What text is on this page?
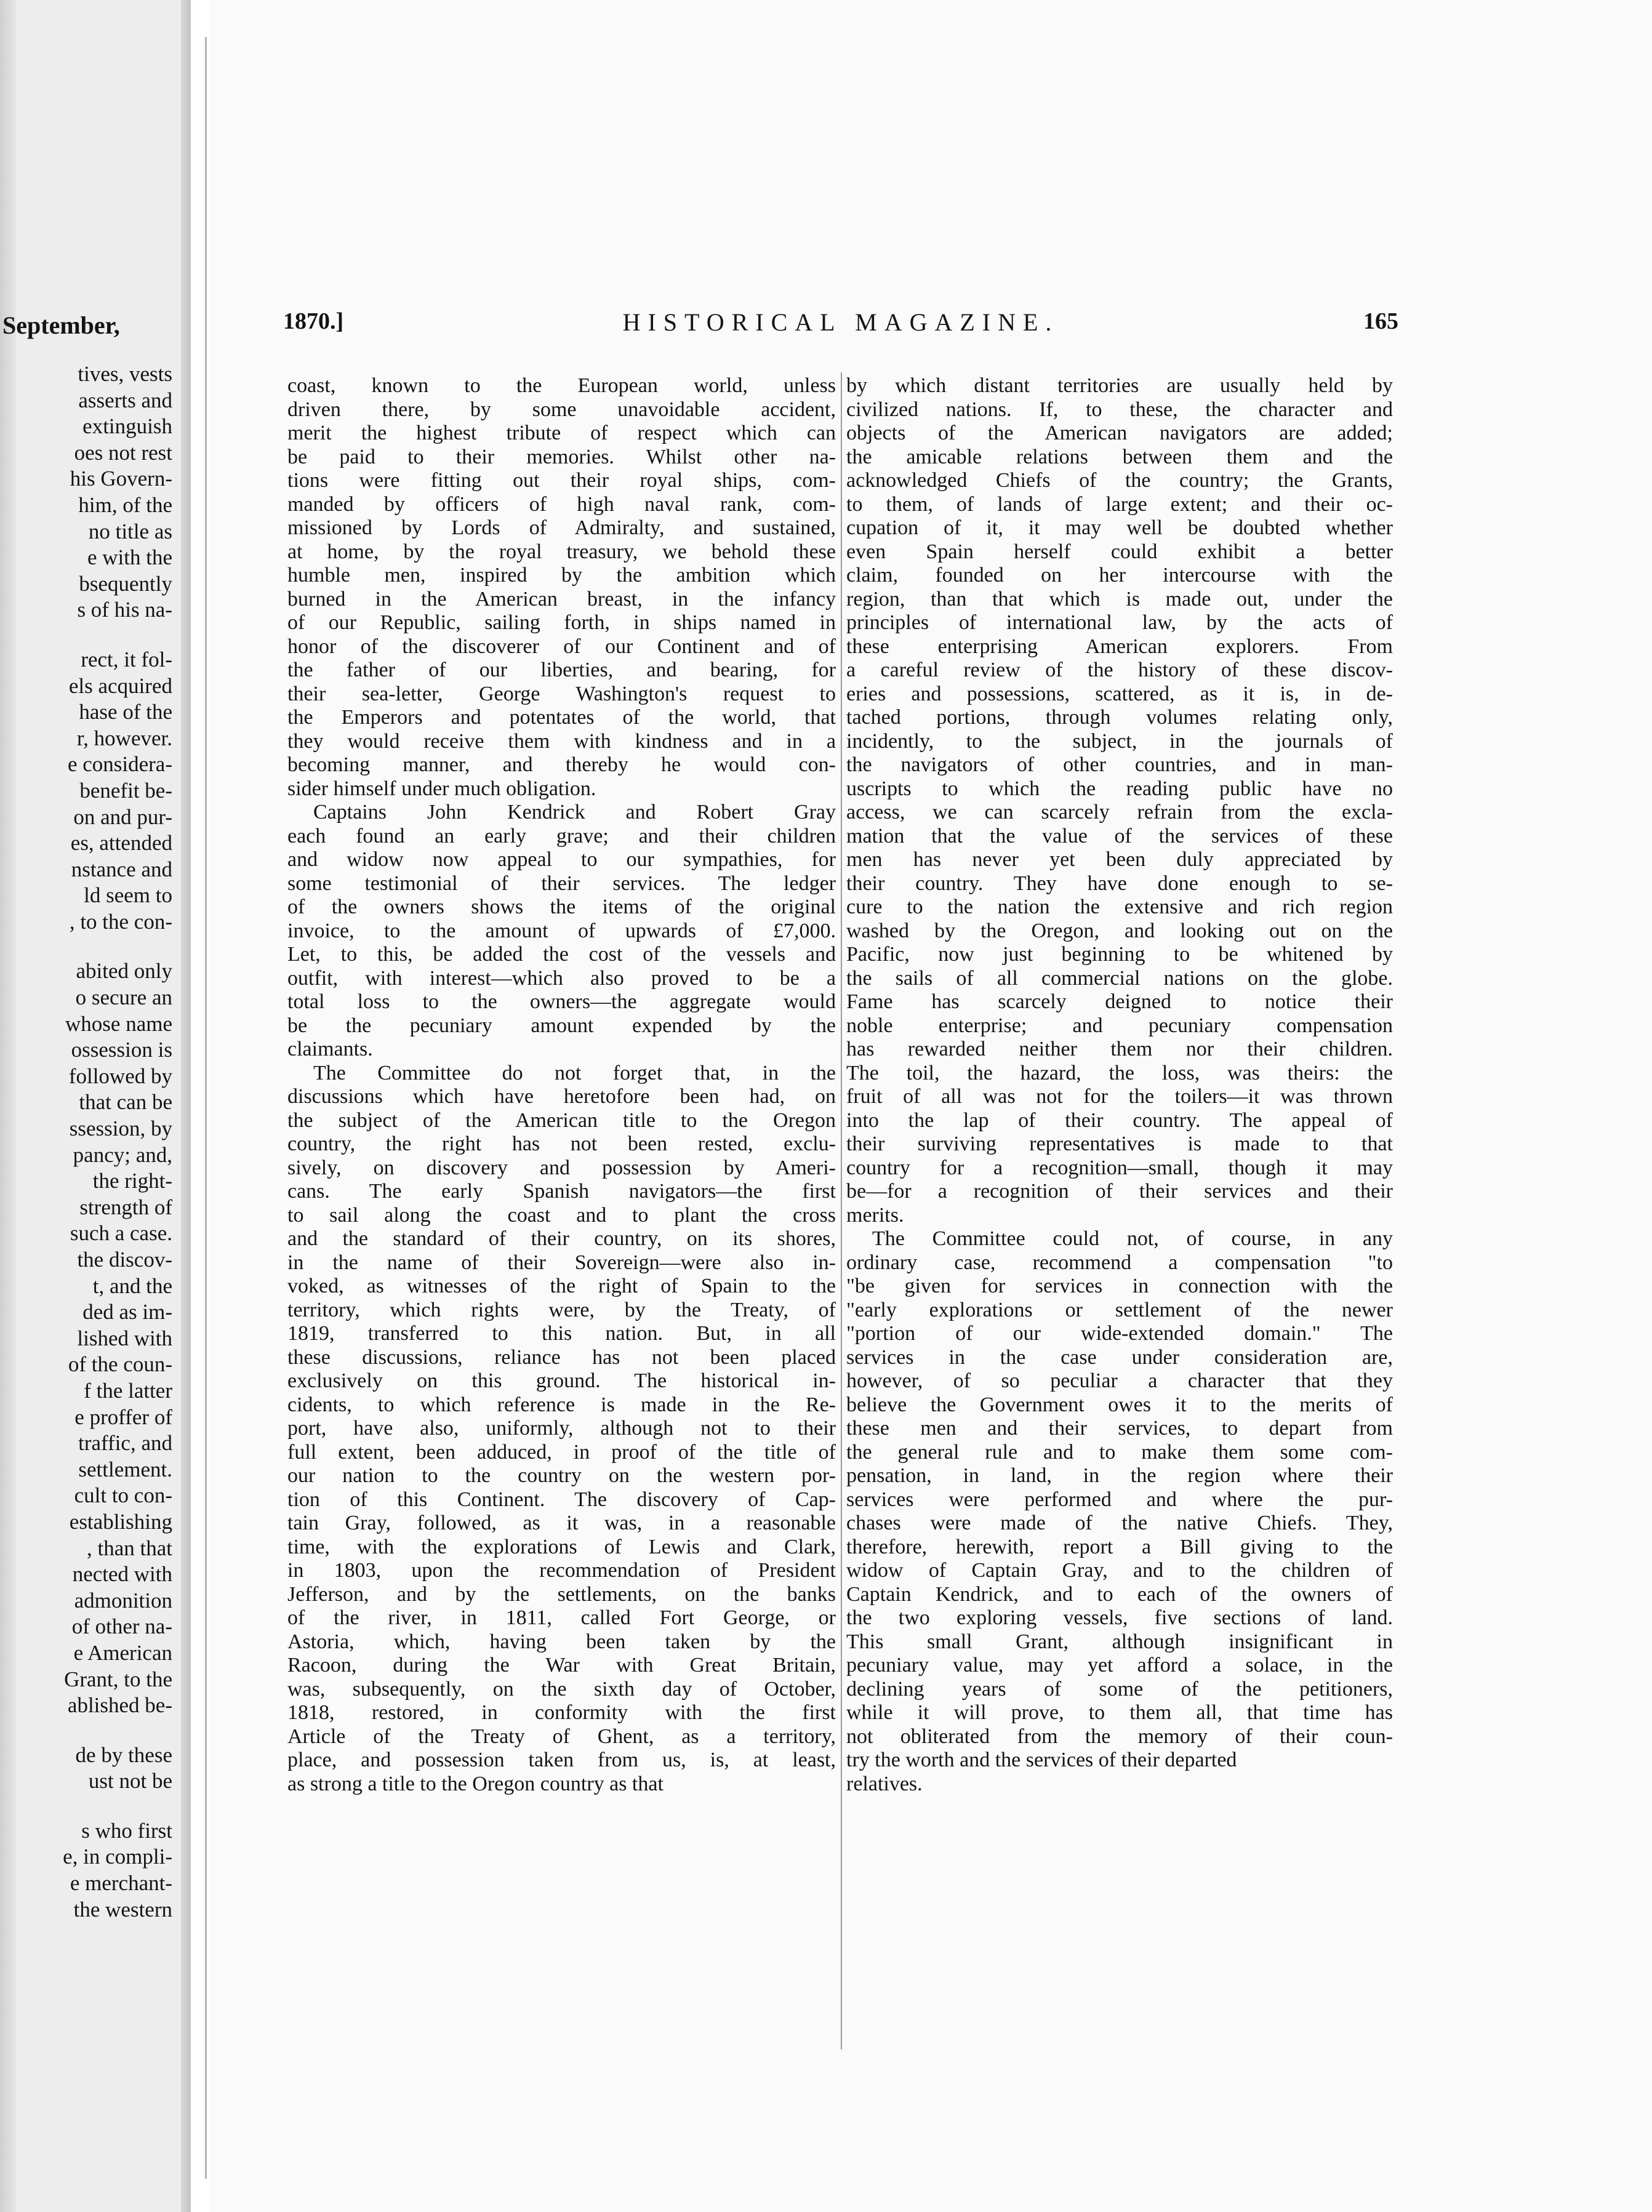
September,
tives, vests
asserts and
extinguish
oes not rest
his Govern-
him, of the
no title as
e with the
bsequently
s of his na-
rect, it fol-
els acquired
hase of the
r, however.
e considera-
benefit be-
on and pur-
es, attended
nstance and
ld seem to
, to the con-
abited only
o secure an
whose name
ossession is
followed by
that can be
ssession, by
pancy; and,
the right-
strength of
such a case.
the discov-
t, and the
ded as im-
lished with
of the coun-
f the latter
e proffer of
traffic, and
settlement.
cult to con-
establishing
, than that
nected with
admonition
of other na-
e American
Grant, to the
ablished be-
de by these
ust not be
s who first
e, in compli-
e merchant-
the western
1870.]	HISTORICAL MAGAZINE.	165
coast, known to the European world, unless
driven there, by some unavoidable accident,
merit the highest tribute of respect which can
be paid to their memories. Whilst other na-
tions were fitting out their royal ships, com-
manded by officers of high naval rank, com-
missioned by Lords of Admiralty, and sustained,
at home, by the royal treasury, we behold these
humble men, inspired by the ambition which
burned in the American breast, in the infancy
of our Republic, sailing forth, in ships named in
honor of the discoverer of our Continent and of
the father of our liberties, and bearing, for
their sea-letter, George Washington's request to
the Emperors and potentates of the world, that
they would receive them with kindness and in a
becoming manner, and thereby he would con-
sider himself under much obligation.
Captains John Kendrick and Robert Gray
each found an early grave; and their children
and widow now appeal to our sympathies, for
some testimonial of their services. The ledger
of the owners shows the items of the original
invoice, to the amount of upwards of £7,000.
Let, to this, be added the cost of the vessels and
outfit, with interest—which also proved to be a
total loss to the owners—the aggregate would
be the pecuniary amount expended by the
claimants.
The Committee do not forget that, in the
discussions which have heretofore been had, on
the subject of the American title to the Oregon
country, the right has not been rested, exclu-
sively, on discovery and possession by Ameri-
cans. The early Spanish navigators—the first
to sail along the coast and to plant the cross
and the standard of their country, on its shores,
in the name of their Sovereign—were also in-
voked, as witnesses of the right of Spain to the
territory, which rights were, by the Treaty, of
1819, transferred to this nation. But, in all
these discussions, reliance has not been placed
exclusively on this ground. The historical in-
cidents, to which reference is made in the Re-
port, have also, uniformly, although not to their
full extent, been adduced, in proof of the title of
our nation to the country on the western por-
tion of this Continent. The discovery of Cap-
tain Gray, followed, as it was, in a reasonable
time, with the explorations of Lewis and Clark,
in 1803, upon the recommendation of President
Jefferson, and by the settlements, on the banks
of the river, in 1811, called Fort George, or
Astoria, which, having been taken by the
Racoon, during the War with Great Britain,
was, subsequently, on the sixth day of October,
1818, restored, in conformity with the first
Article of the Treaty of Ghent, as a territory,
place, and possession taken from us, is, at least,
as strong a title to the Oregon country as that
by which distant territories are usually held by
civilized nations. If, to these, the character and
objects of the American navigators are added;
the amicable relations between them and the
acknowledged Chiefs of the country; the Grants,
to them, of lands of large extent; and their oc-
cupation of it, it may well be doubted whether
even Spain herself could exhibit a better
claim, founded on her intercourse with the
region, than that which is made out, under the
principles of international law, by the acts of
these enterprising American explorers. From
a careful review of the history of these discov-
eries and possessions, scattered, as it is, in de-
tached portions, through volumes relating only,
incidently, to the subject, in the journals of
the navigators of other countries, and in man-
uscripts to which the reading public have no
access, we can scarcely refrain from the excla-
mation that the value of the services of these
men has never yet been duly appreciated by
their country. They have done enough to se-
cure to the nation the extensive and rich region
washed by the Oregon, and looking out on the
Pacific, now just beginning to be whitened by
the sails of all commercial nations on the globe.
Fame has scarcely deigned to notice their
noble enterprise; and pecuniary compensation
has rewarded neither them nor their children.
The toil, the hazard, the loss, was theirs: the
fruit of all was not for the toilers—it was thrown
into the lap of their country. The appeal of
their surviving representatives is made to that
country for a recognition—small, though it may
be—for a recognition of their services and their
merits.
The Committee could not, of course, in any
ordinary case, recommend a compensation "to
"be given for services in connection with the
"early explorations or settlement of the newer
"portion of our wide-extended domain." The
services in the case under consideration are,
however, of so peculiar a character that they
believe the Government owes it to the merits of
these men and their services, to depart from
the general rule and to make them some com-
pensation, in land, in the region where their
services were performed and where the pur-
chases were made of the native Chiefs. They,
therefore, herewith, report a Bill giving to the
widow of Captain Gray, and to the children of
Captain Kendrick, and to each of the owners of
the two exploring vessels, five sections of land.
This small Grant, although insignificant in
pecuniary value, may yet afford a solace, in the
declining years of some of the petitioners,
while it will prove, to them all, that time has
not obliterated from the memory of their coun-
try the worth and the services of their departed
relatives.
